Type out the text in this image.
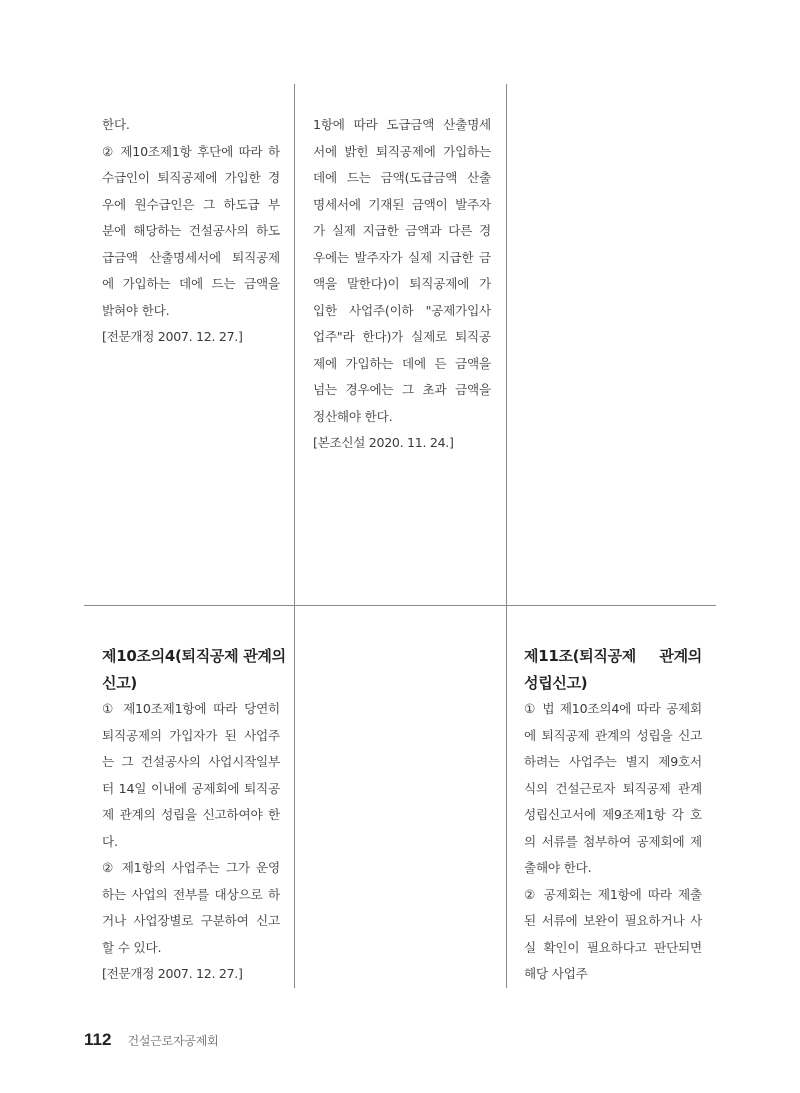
한다.
② 제10조제1항 후단에 따라 하
수급인이 퇴직공제에 가입한 경
우에 원수급인은 그 하도급 부
분에 해당하는 건설공사의 하도
급금액 산출명세서에 퇴직공제
에 가입하는 데에 드는 금액을
밝혀야 한다.
[전문개정 2007. 12. 27.]
1항에 따라 도급금액 산출명세
서에 밝힌 퇴직공제에 가입하는
데에 드는 금액(도급금액 산출
명세서에 기재된 금액이 발주자
가 실제 지급한 금액과 다른 경
우에는 발주자가 실제 지급한 금
액을 말한다)이 퇴직공제에 가
입한 사업주(이하 "공제가입사
업주"라 한다)가 실제로 퇴직공
제에 가입하는 데에 든 금액을
넘는 경우에는 그 초과 금액을
정산해야 한다.
[본조신설 2020. 11. 24.]
제10조의4(퇴직공제 관계의
신고)
① 제10조제1항에 따라 당연히
퇴직공제의 가입자가 된 사업주
는 그 건설공사의 사업시작일부
터 14일 이내에 공제회에 퇴직공
제 관계의 성립을 신고하여야 한
다.
② 제1항의 사업주는 그가 운영
하는 사업의 전부를 대상으로 하
거나 사업장별로 구분하여 신고
할 수 있다.
[전문개정 2007. 12. 27.]
제11조(퇴직공제 관계의
성립신고)
① 법 제10조의4에 따라 공제회
에 퇴직공제 관계의 성립을 신고
하려는 사업주는 별지 제9호서
식의 건설근로자 퇴직공제 관계
성립신고서에 제9조제1항 각 호
의 서류를 첨부하여 공제회에 제
출해야 한다.
② 공제회는 제1항에 따라 제출
된 서류에 보완이 필요하거나 사
실 확인이 필요하다고 판단되면
해당 사업주
112 건설근로자공제회
